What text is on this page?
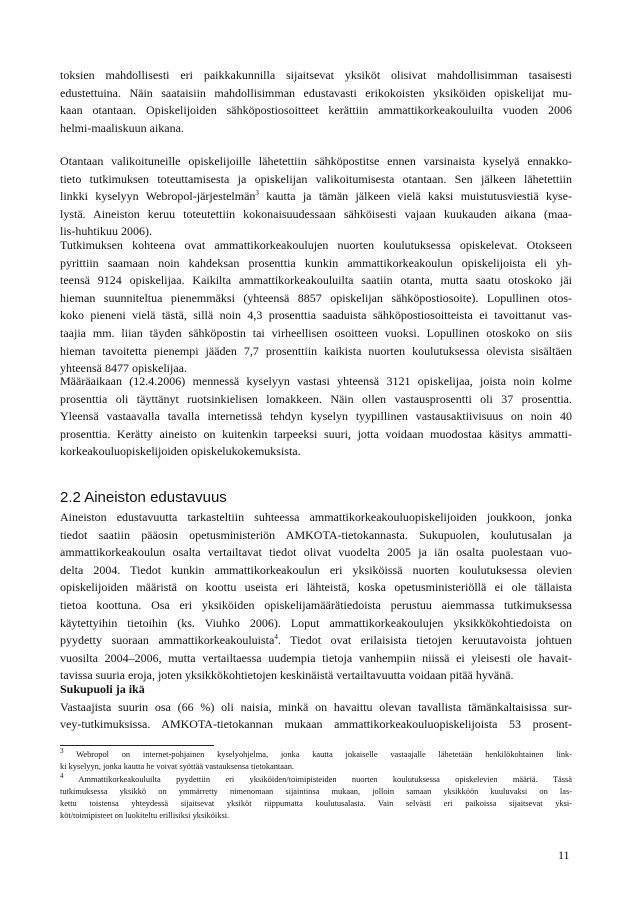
toksien mahdollisesti eri paikkakunnilla sijaitsevat yksiköt olisivat mahdollisimman tasaisesti
edustettuina. Näin saataisiin mahdollisimman edustavasti erikokoisten yksiköiden opiskelijat mu-
kaan otantaan. Opiskelijoiden sähköpostiosoitteet kerättiin ammattikorkeakouluilta vuoden 2006
helmi-maaliskuun aikana.
Otantaan valikoituneille opiskelijoille lähetettiin sähköpostitse ennen varsinaista kyselyä ennakko-
tieto tutkimuksen toteuttamisesta ja opiskelijan valikoitumisesta otantaan. Sen jälkeen lähetettiin
linkki kyselyyn Webropol-järjestelmän$^3$ kautta ja tämän jälkeen vielä kaksi muistutusviestiä kyse-
lystä. Aineiston keruu toteutettiin kokonaisuudessaan sähköisesti vajaan kuukauden aikana (maa-
lis-huhtikuu 2006).
Tutkimuksen kohteena ovat ammattikorkeakoulujen nuorten koulutuksessa opiskelevat. Otokseen
pyrittiin saamaan noin kahdeksan prosenttia kunkin ammattikorkeakoulun opiskelijoista eli yh-
teensä 9124 opiskelijaa. Kaikilta ammattikorkeakouluilta saatiin otanta, mutta saatu otoskoko jäi
hieman suunniteltua pienemmäksi (yhteensä 8857 opiskelijan sähköpostiosoite). Lopullinen otos-
koko pieneni vielä tästä, sillä noin 4,3 prosenttia saaduista sähköpostiosoitteista ei tavoittanut vas-
taajia mm. liian täyden sähköpostin tai virheellisen osoitteen vuoksi. Lopullinen otoskoko on siis
hieman tavoitetta pienempi jääden 7,7 prosenttiin kaikista nuorten koulutuksessa olevista sisältäen
yhteensä 8477 opiskelijaa.
Määräaikaan (12.4.2006) mennessä kyselyyn vastasi yhteensä 3121 opiskelijaa, joista noin kolme
prosenttia oli täyttänyt ruotsinkielisen lomakkeen. Näin ollen vastausprosentti oli 37 prosenttia.
Yleensä vastaavalla tavalla internetissä tehdyn kyselyn tyypillinen vastausaktiivisuus on noin 40
prosenttia. Kerätty aineisto on kuitenkin tarpeeksi suuri, jotta voidaan muodostaa käsitys ammatti-
korkeakouluopiskelijoiden opiskelukokemuksista.
2.2 Aineiston edustavuus
Aineiston edustavuutta tarkasteltiin suhteessa ammattikorkeakouluopiskelijoiden joukkoon, jonka
tiedot saatiin pääosin opetusministeriön AMKOTA-tietokannasta. Sukupuolen, koulutusalan ja
ammattikorkeakoulun osalta vertailtavat tiedot olivat vuodelta 2005 ja iän osalta puolestaan vuo-
delta 2004. Tiedot kunkin ammattikorkeakoulun eri yksiköissä nuorten koulutuksessa olevien
opiskelijoiden määristä on koottu useista eri lähteistä, koska opetusministeriöllä ei ole tällaista
tietoa koottuna. Osa eri yksiköiden opiskelijamäärätiedoista perustuu aiemmassa tutkimuksessa
käytettyihin tietoihin (ks. Viuhko 2006). Loput ammattikorkeakoulujen yksikkökohtiedoista on
pyydetty suoraan ammattikorkeakouluista$^4$. Tiedot ovat erilaisista tietojen keruutavoista johtuen
vuosilta 2004–2006, mutta vertailtaessa uudempia tietoja vanhempiin niissä ei yleisesti ole havait-
tavissa suuria eroja, joten yksikkökohtietojen keskinäistä vertailtavuutta voidaan pitää hyvänä.
Sukupuoli ja ikä
Vastaajista suurin osa (66 %) oli naisia, minkä on havaittu olevan tavallista tämänkaltaisissa sur-
vey-tutkimuksissa. AMKOTA-tietokannan mukaan ammattikorkeakouluopiskelijoista 53 prosent-
$^3$ Webropol on internet-pohjainen kyselyohjelma, jonka kautta jokaiselle vastaajalle lähetetään henkilökohtainen link-
ki kyselyyn, jonka kautta he voivat syöttää vastauksensa tietokantaan.
$^4$ Ammattikorkeakouluilta pyydettiin eri yksiköiden/toimipisteiden nuorten koulutuksessa opiskelevien määriä. Tässä
tutkimuksessa yksikkö on ymmärretty nimenomaan sijaintinsa mukaan, jolloin samaan yksikköön kuuluvaksi on las-
kettu toistensa yhteydessä sijaitsevat yksiköt riippumatta koulutusalasta. Vain selvästi eri paikoissa sijaitsevat yksi-
köt/toimipisteet on luokiteltu erillisiksi yksiköiksi.
11
